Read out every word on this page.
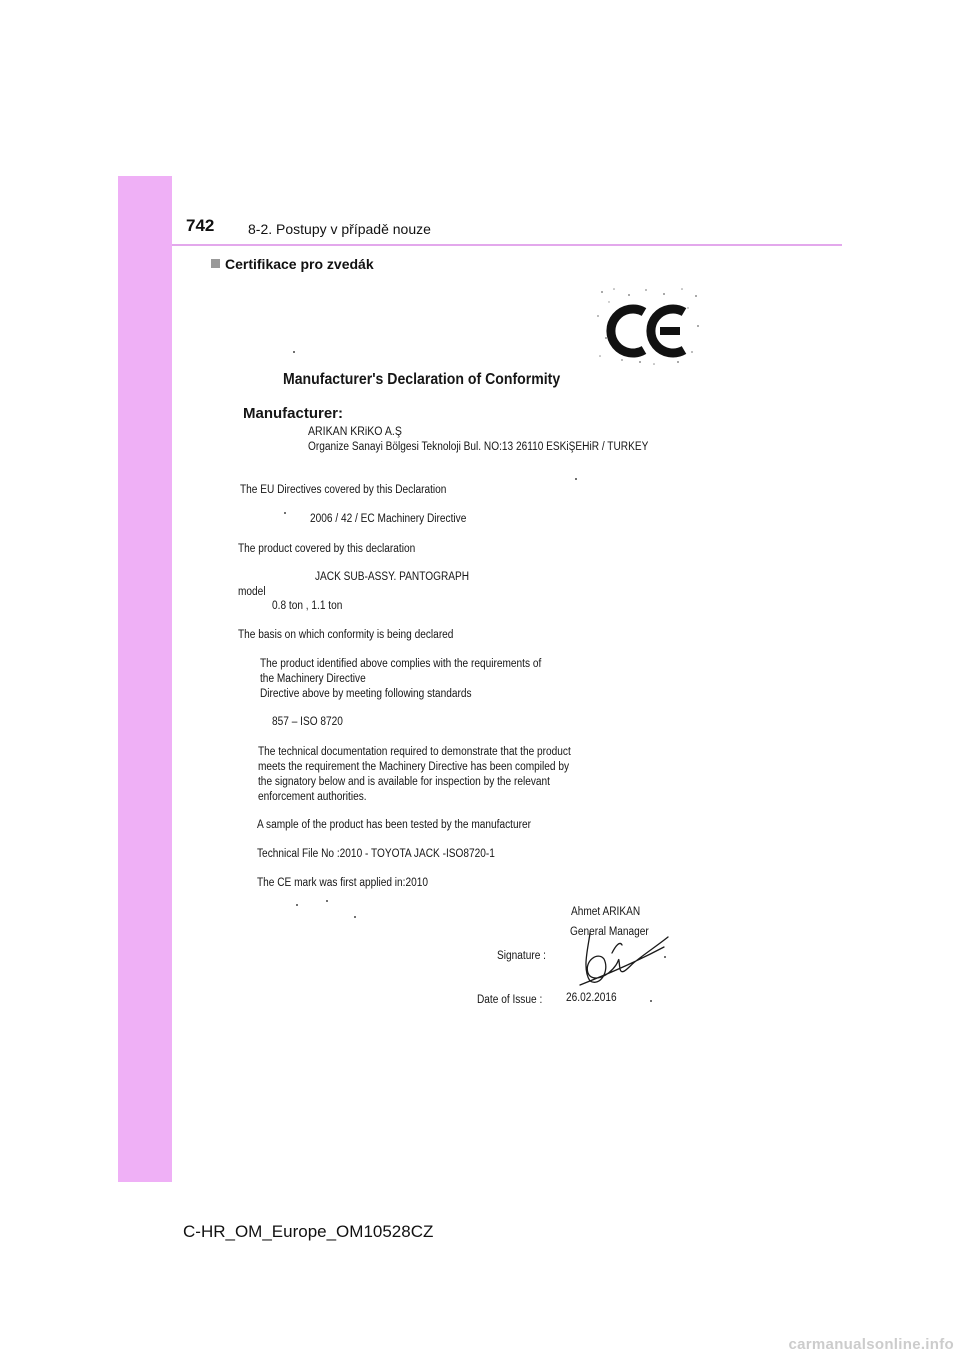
742 8-2. Postupy v případě nouze
Certifikace pro zvedák
Manufacturer's Declaration of Conformity
Manufacturer:
ARIKAN KRiKO A.Ş
Organize Sanayi Bölgesi Teknoloji Bul. NO:13 26110 ESKiŞEHiR / TURKEY
The EU Directives covered by this Declaration
2006 / 42 / EC Machinery Directive
The product covered by this declaration
JACK SUB-ASSY. PANTOGRAPH
model
0.8 ton , 1.1 ton
The basis on which conformity is being declared
The product identified above complies with the requirements of
the Machinery Directive
Directive above by meeting following standards
857 – ISO 8720
The technical documentation required to demonstrate that the product
meets the requirement the Machinery Directive has been compiled by
the signatory below and is available for inspection by the relevant
enforcement authorities.
A sample of the product has been tested by the manufacturer
Technical File No :2010 - TOYOTA JACK -ISO8720-1
The CE mark was first applied in:2010
Ahmet ARIKAN
General Manager
Signature :
Date of Issue : 26.02.2016
C-HR_OM_Europe_OM10528CZ
carmanualsonline.info
